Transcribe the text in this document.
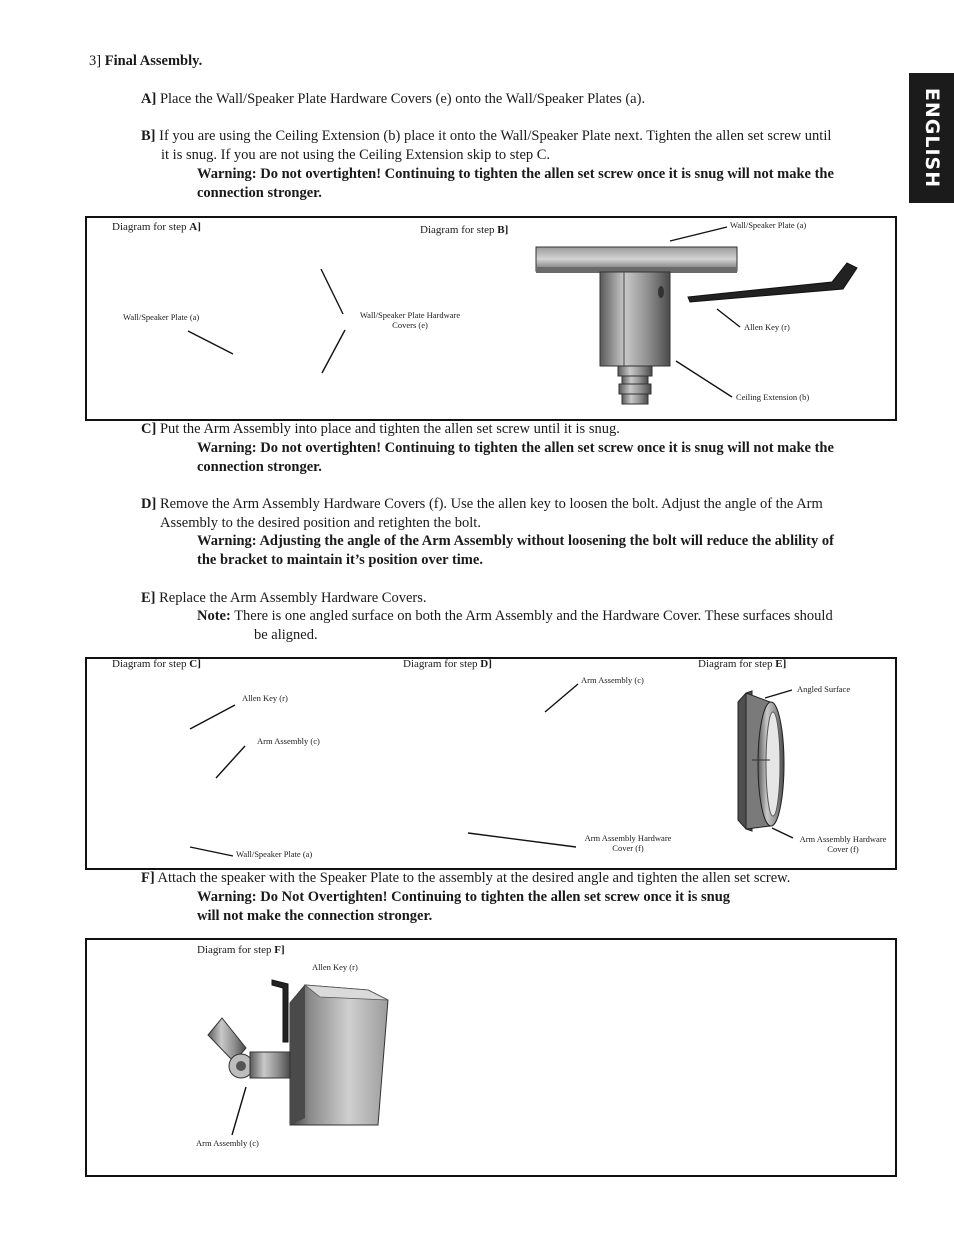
ENGLISH
3] Final Assembly.
A] Place the Wall/Speaker Plate Hardware Covers (e) onto the Wall/Speaker Plates (a).
B] If you are using the Ceiling Extension (b) place it onto the Wall/Speaker Plate next. Tighten the allen set screw until
it is snug. If you are not using the Ceiling Extension skip to step C.
Warning: Do not overtighten! Continuing to tighten the allen set screw once it is snug will not make the
connection stronger.
Diagram for step A]	Diagram for step B]
Wall/Speaker Plate (a)	Wall/Speaker Plate Hardware
Covers (e)
Wall/Speaker Plate (a)
Allen Key (r)
Ceiling Extension (b)
C] Put the Arm Assembly into place and tighten the allen set screw until it is snug.
Warning: Do not overtighten! Continuing to tighten the allen set screw once it is snug will not make the
connection stronger.
D] Remove the Arm Assembly Hardware Covers (f). Use the allen key to loosen the bolt. Adjust the angle of the Arm
Assembly to the desired position and retighten the bolt.
Warning: Adjusting the angle of the Arm Assembly without loosening the bolt will reduce the ablility of
the bracket to maintain it’s position over time.
E] Replace the Arm Assembly Hardware Covers.
Note: There is one angled surface on both the Arm Assembly and the Hardware Cover. These surfaces should
be aligned.
Diagram for step C]	Diagram for step D]	Diagram for step E]
Allen Key (r)
Arm Assembly (c)
Wall/Speaker Plate (a)
Arm Assembly (c)
Arm Assembly Hardware
Cover (f)
Angled Surface
Arm Assembly Hardware
Cover (f)
F] Attach the speaker with the Speaker Plate to the assembly at the desired angle and tighten the allen set screw.
Warning: Do Not Overtighten! Continuing to tighten the allen set screw once it is snug
will not make the connection stronger.
Diagram for step F]
Allen Key (r)
Arm Assembly (c)
